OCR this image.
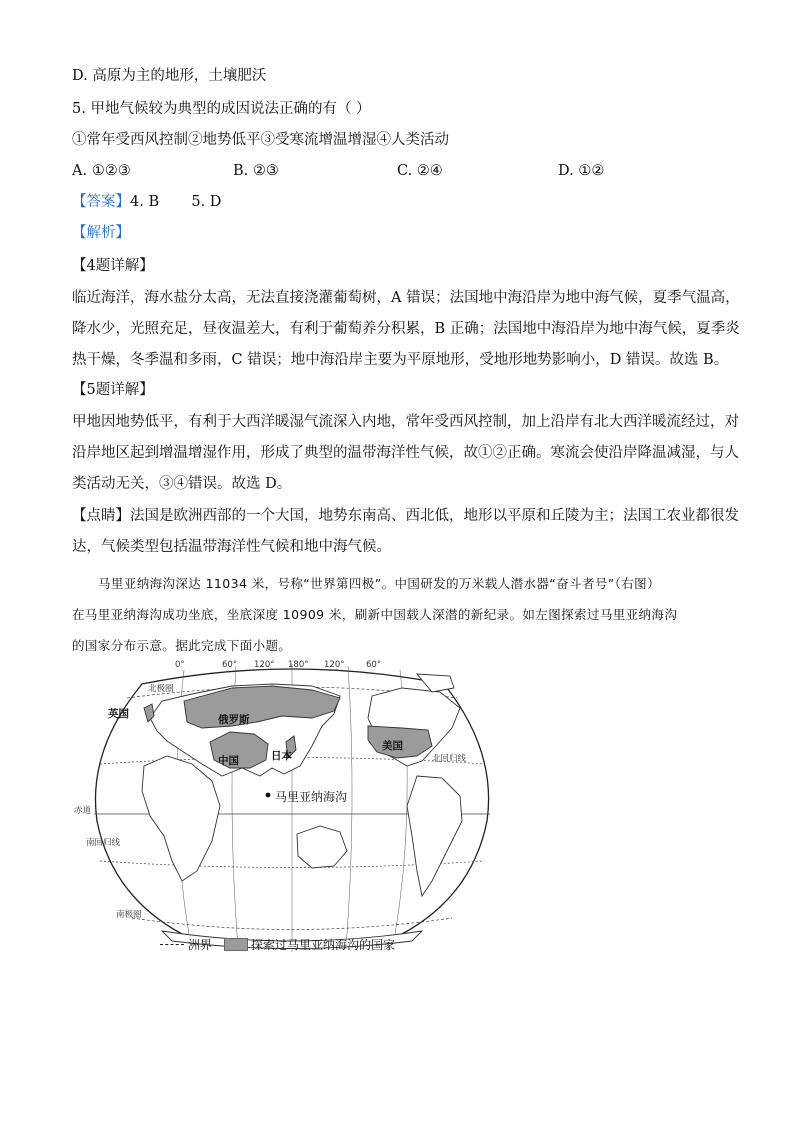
D. 高原为主的地形，土壤肥沃
5. 甲地气候较为典型的成因说法正确的有（ ）
①常年受西风控制②地势低平③受寒流增温增湿④人类活动
A. ①②③	B. ②③	C. ②④	D. ①②
【答案】4. B       5. D
【解析】
【4题详解】
临近海洋，海水盐分太高，无法直接浇灌葡萄树，A 错误；法国地中海沿岸为地中海气候，夏季气温高，
降水少，光照充足，昼夜温差大，有利于葡萄养分积累，B 正确；法国地中海沿岸为地中海气候，夏季炎
热干燥，冬季温和多雨，C 错误；地中海沿岸主要为平原地形，受地形地势影响小，D 错误。故选 B。
【5题详解】
甲地因地势低平，有利于大西洋暖湿气流深入内地，常年受西风控制，加上沿岸有北大西洋暖流经过，对
沿岸地区起到增温增湿作用，形成了典型的温带海洋性气候，故①②正确。寒流会使沿岸降温减湿，与人
类活动无关，③④错误。故选 D。
【点睛】法国是欧洲西部的一个大国，地势东南高、西北低，地形以平原和丘陵为主；法国工农业都很发
达，气候类型包括温带海洋性气候和地中海气候。
马里亚纳海沟深达 11034 米，号称“世界第四极”。中国研发的万米载人潜水器“奋斗者号”（右图）
在马里亚纳海沟成功坐底，坐底深度 10909 米，刷新中国载人深潜的新纪录。如左图探索过马里亚纳海沟
的国家分布示意。据此完成下面小题。
0°	60° 120° 180° 120°	60°
北极圈
北回归线
赤道
南回归线
南极圈
英国	俄罗斯
中国	日本
美国
马里亚纳海沟
洲界	探索过马里亚纳海沟的国家
